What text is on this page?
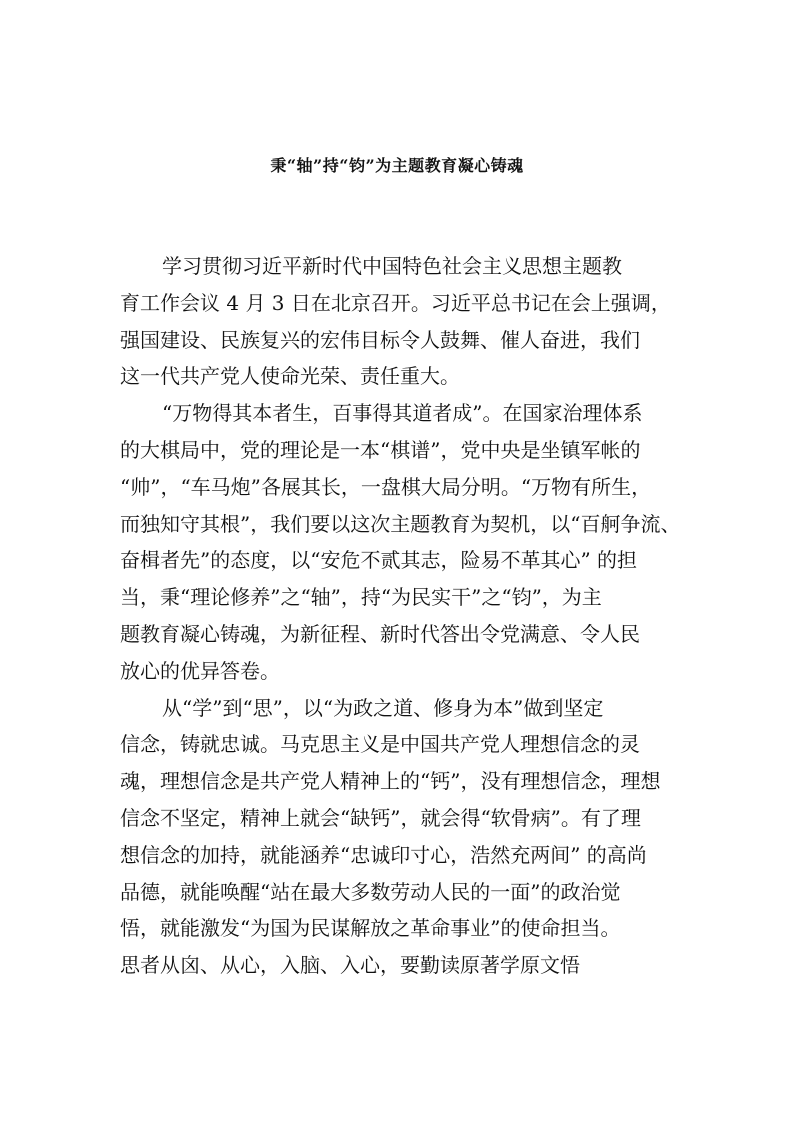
秉“轴”持“钧”为主题教育凝心铸魂
学习贯彻习近平新时代中国特色社会主义思想主题教
育工作会议 4 月 3 日在北京召开。习近平总书记在会上强调，
强国建设、民族复兴的宏伟目标令人鼓舞、催人奋进，我们
这一代共产党人使命光荣、责任重大。
“万物得其本者生，百事得其道者成”。在国家治理体系
的大棋局中，党的理论是一本“棋谱”，党中央是坐镇军帐的
“帅”，“车马炮”各展其长，一盘棋大局分明。“万物有所生，
而独知守其根”，我们要以这次主题教育为契机，以“百舸争流、
奋楫者先”的态度，以“安危不贰其志，险易不革其心” 的担
当，秉“理论修养”之“轴”，持“为民实干”之“钧”，为主
题教育凝心铸魂，为新征程、新时代答出令党满意、令人民
放心的优异答卷。
从“学”到“思”，以“为政之道、修身为本”做到坚定
信念，铸就忠诚。马克思主义是中国共产党人理想信念的灵
魂，理想信念是共产党人精神上的“钙”，没有理想信念，理想
信念不坚定，精神上就会“缺钙”，就会得“软骨病”。有了理
想信念的加持，就能涵养“忠诚印寸心，浩然充两间” 的高尚
品德，就能唤醒“站在最大多数劳动人民的一面”的政治觉
悟，就能激发“为国为民谋解放之革命事业”的使命担当。
思者从囟、从心，入脑、入心，要勤读原著学原文悟
